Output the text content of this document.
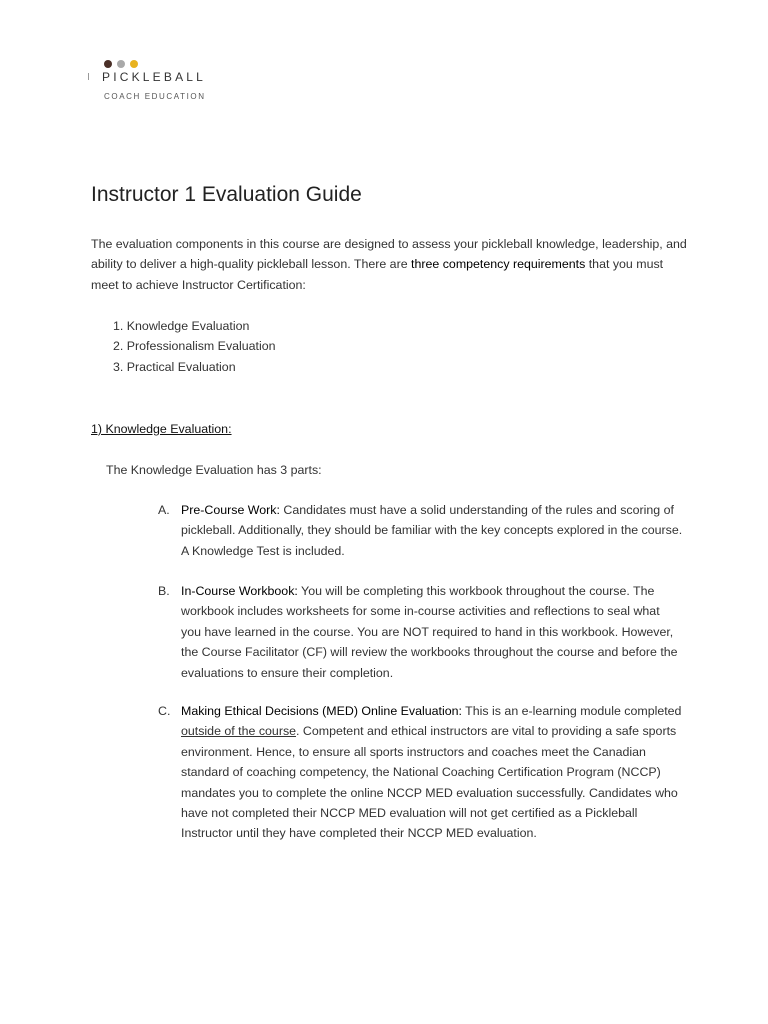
PICKLEBALL
COACH EDUCATION
Instructor 1 Evaluation Guide

The evaluation components in this course are designed to assess your pickleball knowledge, leadership, and ability to deliver a high-quality pickleball lesson. There are three competency requirements that you must meet to achieve Instructor Certification:

1. Knowledge Evaluation
2. Professionalism Evaluation
3. Practical Evaluation
1) Knowledge Evaluation:
The Knowledge Evaluation has 3 parts:
A. Pre-Course Work: Candidates must have a solid understanding of the rules and scoring of pickleball. Additionally, they should be familiar with the key concepts explored in the course. A Knowledge Test is included.
B. In-Course Workbook: You will be completing this workbook throughout the course. The workbook includes worksheets for some in-course activities and reflections to seal what you have learned in the course. You are NOT required to hand in this workbook. However, the Course Facilitator (CF) will review the workbooks throughout the course and before the evaluations to ensure their completion.
C. Making Ethical Decisions (MED) Online Evaluation: This is an e-learning module completed outside of the course. Competent and ethical instructors are vital to providing a safe sports environment. Hence, to ensure all sports instructors and coaches meet the Canadian standard of coaching competency, the National Coaching Certification Program (NCCP) mandates you to complete the online NCCP MED evaluation successfully. Candidates who have not completed their NCCP MED evaluation will not get certified as a Pickleball Instructor until they have completed their NCCP MED evaluation.
